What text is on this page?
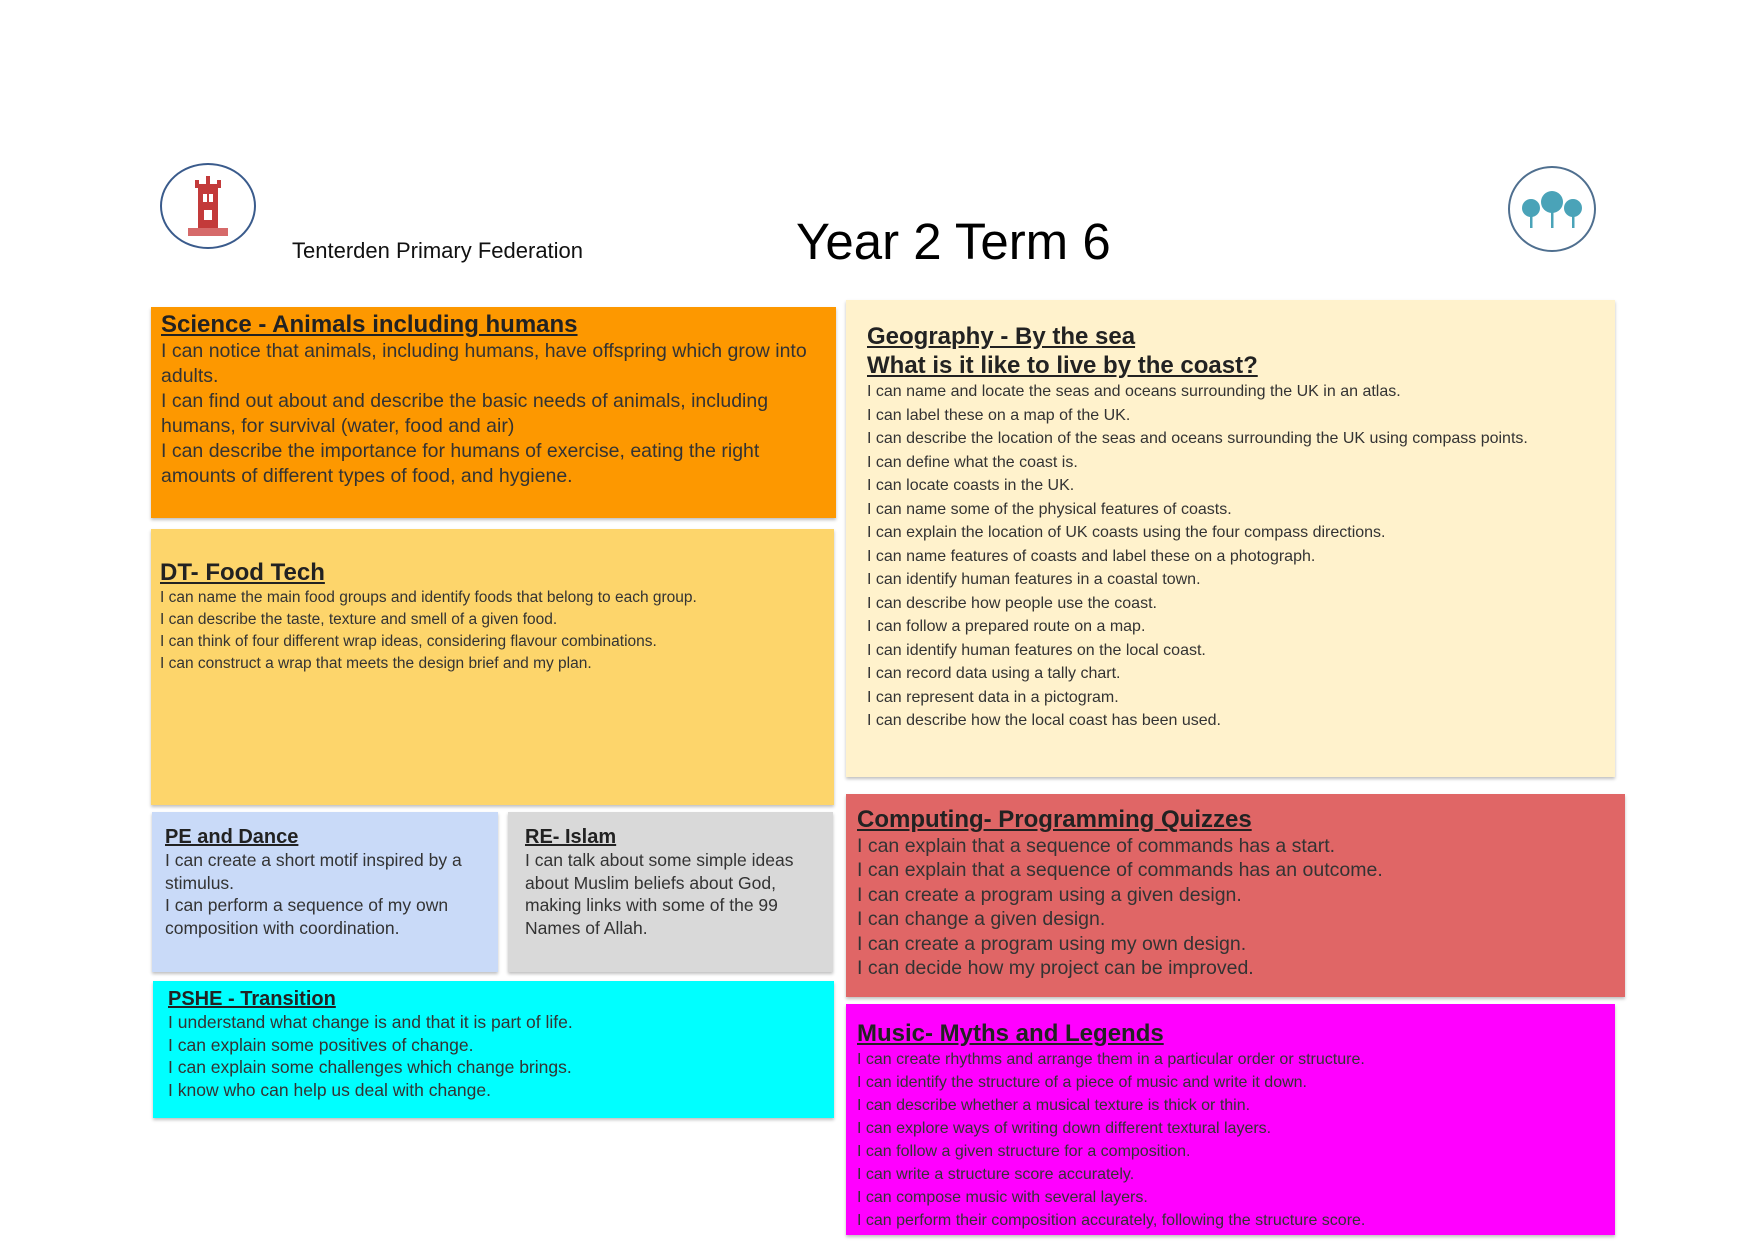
Tenterden Primary Federation	Year 2 Term 6
Science - Animals including humans
I can notice that animals, including humans, have offspring which grow into adults.
I can find out about and describe the basic needs of animals, including humans, for survival (water, food and air)
I can describe the importance for humans of exercise, eating the right amounts of different types of food, and hygiene.
DT- Food Tech
I can name the main food groups and identify foods that belong to each group.
I can describe the taste, texture and smell of a given food.
I can think of four different wrap ideas, considering flavour combinations.
I can construct a wrap that meets the design brief and my plan.
PE and Dance
I can create a short motif inspired by a stimulus.
I can perform a sequence of my own composition with coordination.
RE- Islam
I can talk about some simple ideas about Muslim beliefs about God, making links with some of the 99 Names of Allah.
PSHE - Transition
I understand what change is and that it is part of life.
I can explain some positives of change.
I can explain some challenges which change brings.
I know who can help us deal with change.
Geography - By the sea
What is it like to live by the coast?
I can name and locate the seas and oceans surrounding the UK in an atlas.
I can label these on a map of the UK.
I can describe the location of the seas and oceans surrounding the UK using compass points.
I can define what the coast is.
I can locate coasts in the UK.
I can name some of the physical features of coasts.
I can explain the location of UK coasts using the four compass directions.
I can name features of coasts and label these on a photograph.
I can identify human features in a coastal town.
I can describe how people use the coast.
I can follow a prepared route on a map.
I can identify human features on the local coast.
I can record data using a tally chart.
I can represent data in a pictogram.
I can describe how the local coast has been used.
Computing- Programming Quizzes
I can explain that a sequence of commands has a start.
I can explain that a sequence of commands has an outcome.
I can create a program using a given design.
I can change a given design.
I can create a program using my own design.
I can decide how my project can be improved.
Music- Myths and Legends
I can create rhythms and arrange them in a particular order or structure.
I can identify the structure of a piece of music and write it down.
I can describe whether a musical texture is thick or thin.
I can explore ways of writing down different textural layers.
I can follow a given structure for a composition.
I can write a structure score accurately.
I can compose music with several layers.
I can perform their composition accurately, following the structure score.
